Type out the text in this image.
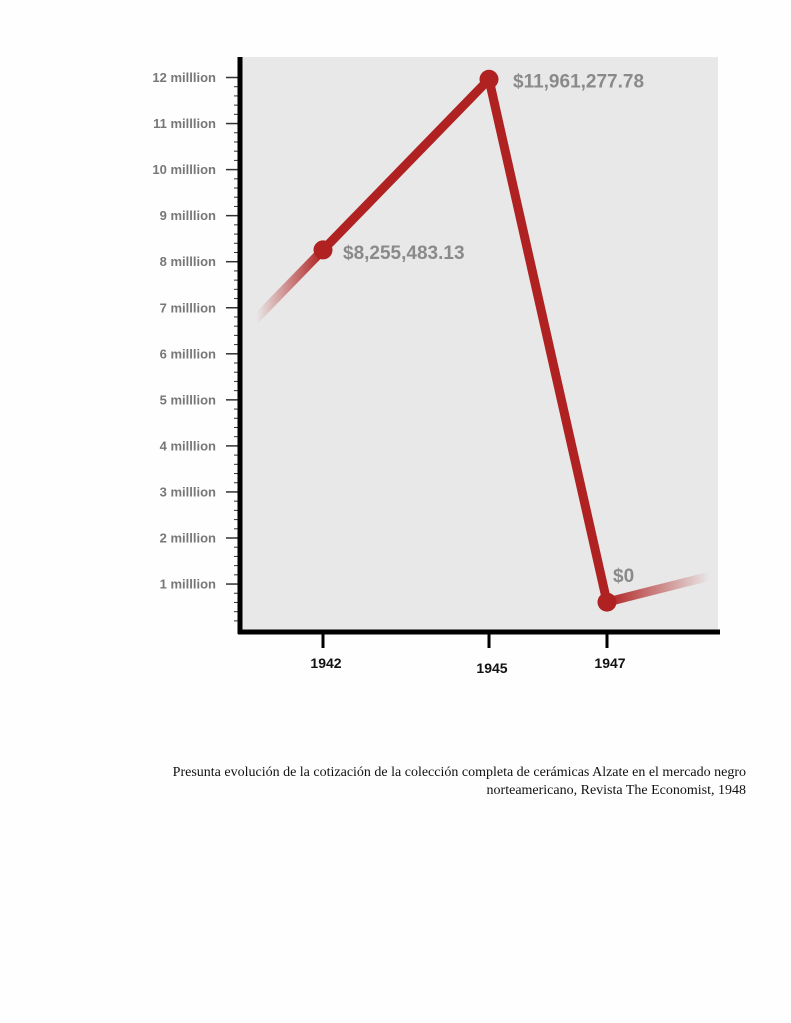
1 milllion
2 milllion
3 milllion
4 milllion
5 milllion
6 milllion
7 milllion
8 milllion
9 milllion
10 milllion
11 milllion
12 milllion
1942	1945	1947
$8,255,483.13
$11,961,277.78
$0
Presunta evolución de la cotización de la colección completa de cerámicas Alzate en el mercado negro
norteamericano, Revista The Economist, 1948
